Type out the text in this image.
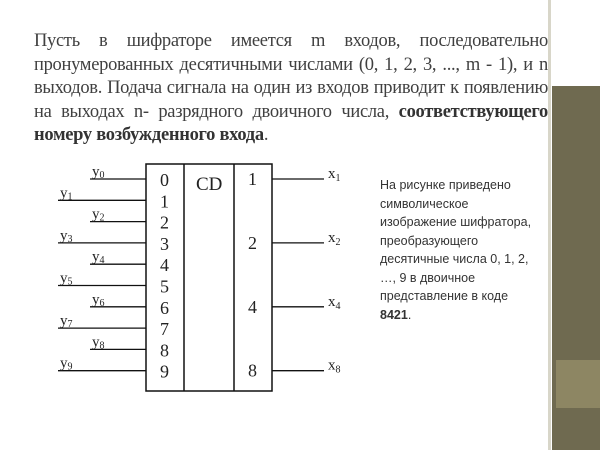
Пусть в шифраторе имеется m входов, последовательно пронумерованных десятичными числами (0, 1, 2, 3, ..., m - 1), и n выходов. Подача сигнала на один из входов приводит к появлению на выходах n- разрядного двоичного числа, соответствующего номеру возбужденного входа.
CD
y0	0
y1	1
y2	2
y3	3
y4	4
y5	5
y6	6
y7	7
y8	8
y9	9
1	$x_1$
2	$x_2$
4	$x_4$
8	$x_8$
На рисунке приведено символическое изображение шифратора, преобразующего десятичные числа 0, 1, 2, …, 9 в двоичное представление в коде 8421.
